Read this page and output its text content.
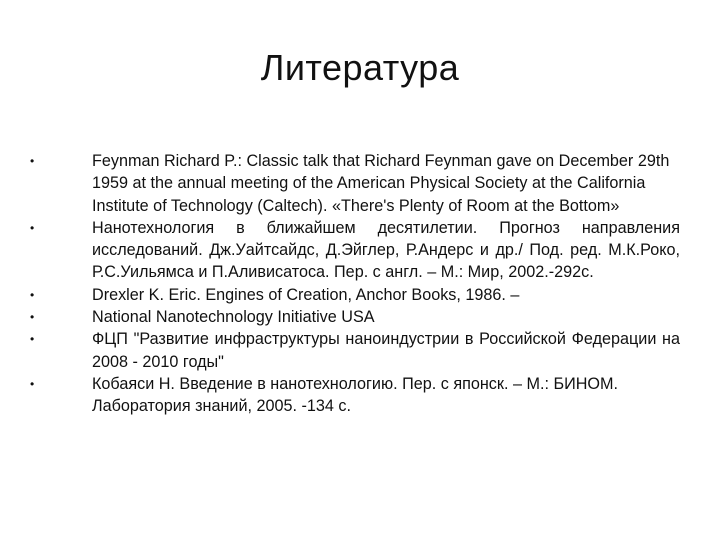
Литература
•	Feynman Richard P.: Classic talk that Richard Feynman gave on December 29th 1959 at the annual meeting of the American Physical Society at the California Institute of Technology (Caltech). «There's Plenty of Room at the Bottom»
•	Нанотехнология в ближайшем десятилетии. Прогноз направления исследований. Дж.Уайтсайдс, Д.Эйглер, Р.Андерс и др./ Под. ред. М.К.Роко, Р.С.Уильямса и П.Аливисатоса. Пер. с англ. – М.: Мир, 2002.-292с.
•	Drexler K. Eric. Engines of Creation, Anchor Books, 1986. –
•	National Nanotechnology Initiative USA
•	ФЦП "Развитие инфраструктуры наноиндустрии в Российской Федерации на 2008 - 2010 годы"
•	Кобаяси Н. Введение в нанотехнологию. Пер. с японск. – М.: БИНОМ. Лаборатория знаний, 2005. -134 с.
